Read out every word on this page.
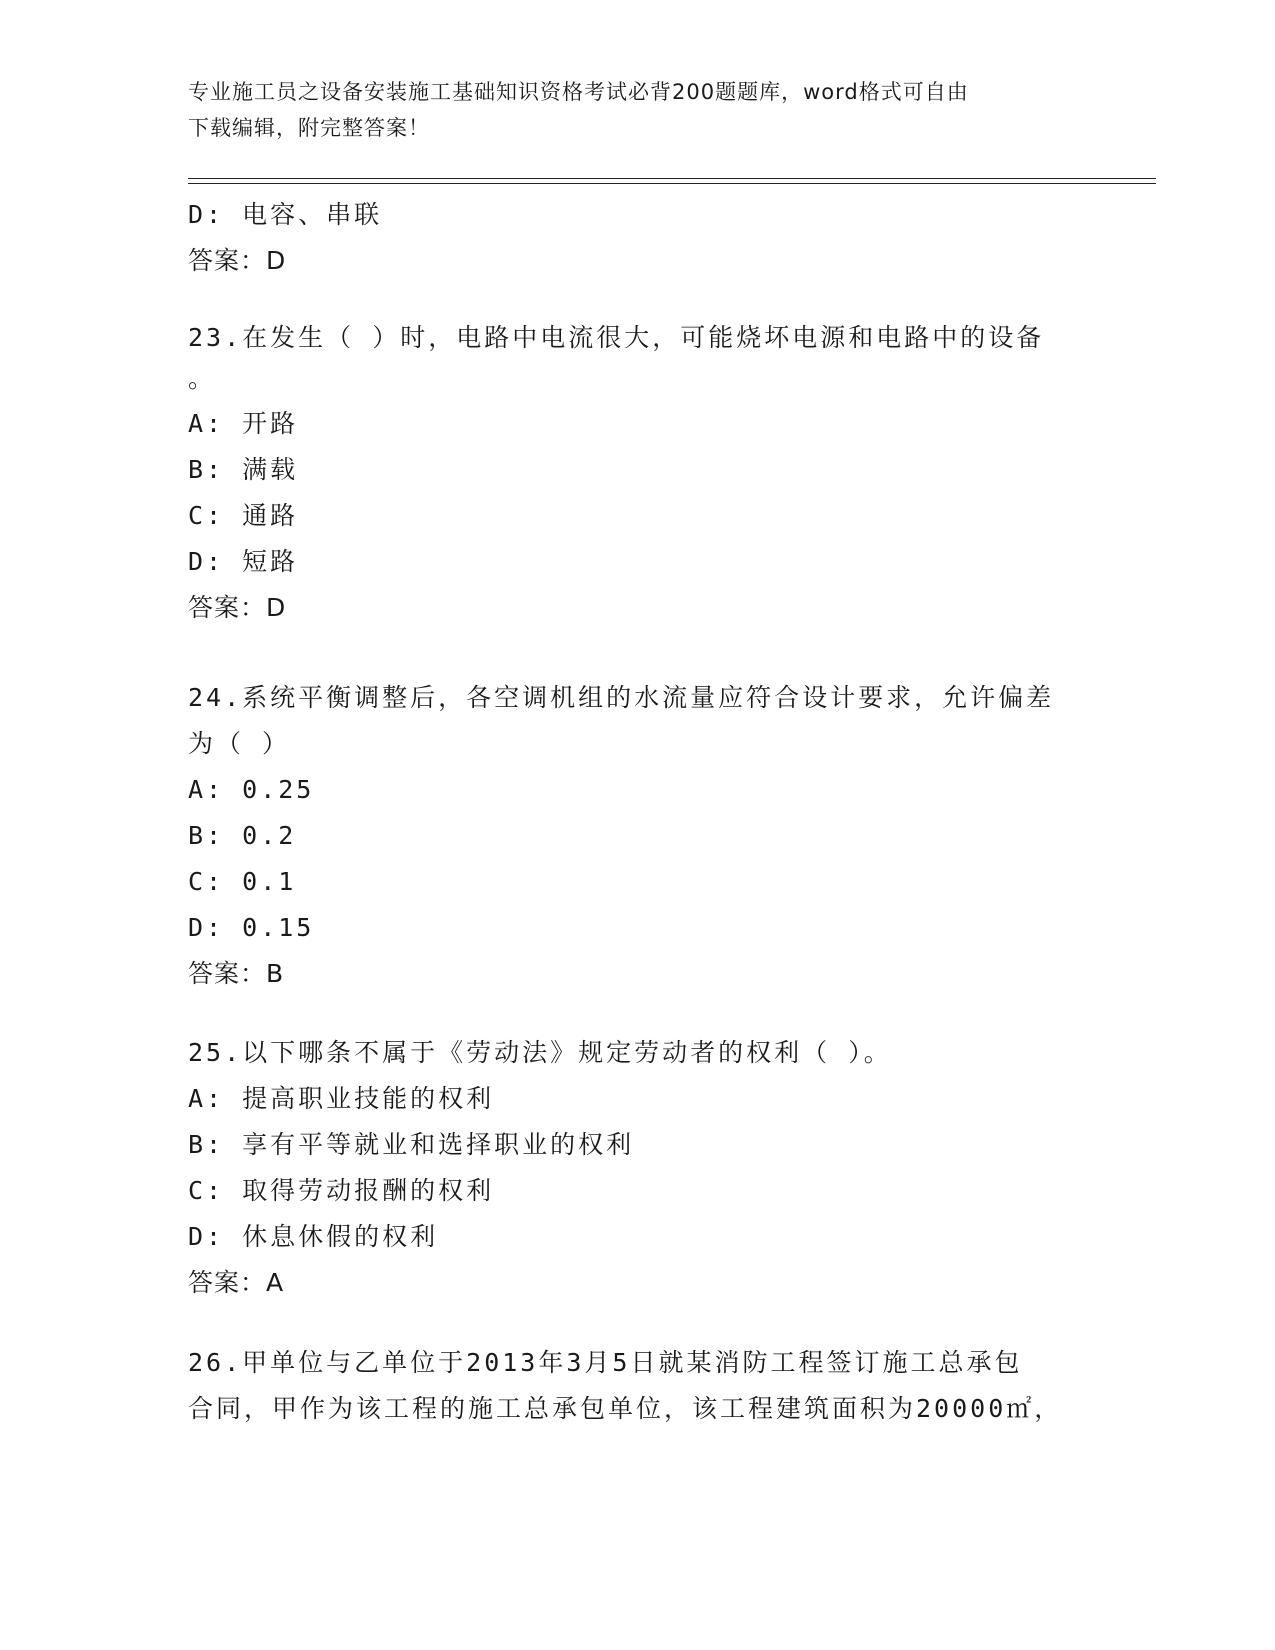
专业施工员之设备安装施工基础知识资格考试必背200题题库，word格式可自由
下载编辑，附完整答案！
D: 电容、串联
答案：D
23.在发生（ ）时，电路中电流很大，可能烧坏电源和电路中的设备
。
A: 开路
B: 满载
C: 通路
D: 短路
答案：D
24.系统平衡调整后，各空调机组的水流量应符合设计要求，允许偏差
为（ ）
A: 0.25
B: 0.2
C: 0.1
D: 0.15
答案：B
25.以下哪条不属于《劳动法》规定劳动者的权利（ ）。
A: 提高职业技能的权利
B: 享有平等就业和选择职业的权利
C: 取得劳动报酬的权利
D: 休息休假的权利
答案：A
26.甲单位与乙单位于2013年3月5日就某消防工程签订施工总承包
合同，甲作为该工程的施工总承包单位，该工程建筑面积为20000㎡，
